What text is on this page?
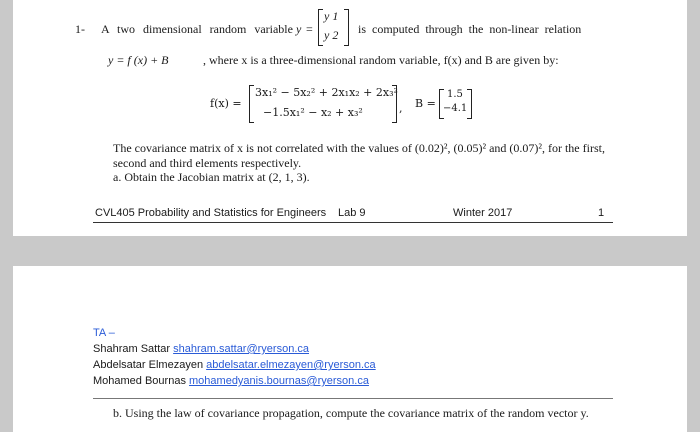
1- A two dimensional random variable y =
y 1
y 2 is computed through the non-linear relation
y = f (x) + B	, where x is a three-dimensional random variable, f(x) and B are given by:
f(x) =
3x₁² − 5x₂² + 2x₁x₂ + 2x₃²
−1.5x₁² − x₂ + x₃²	, B =
1.5
−4.1
The covariance matrix of x is not correlated with the values of (0.02)², (0.05)² and (0.07)², for the first,
second and third elements respectively.
a. Obtain the Jacobian matrix at (2, 1, 3).
CVL405 Probability and Statistics for Engineers Lab 9	Winter 2017	1
TA –
Shahram Sattar shahram.sattar@ryerson.ca
Abdelsatar Elmezayen abdelsatar.elmezayen@ryerson.ca
Mohamed Bournas mohamedyanis.bournas@ryerson.ca
b. Using the law of covariance propagation, compute the covariance matrix of the random vector y.
